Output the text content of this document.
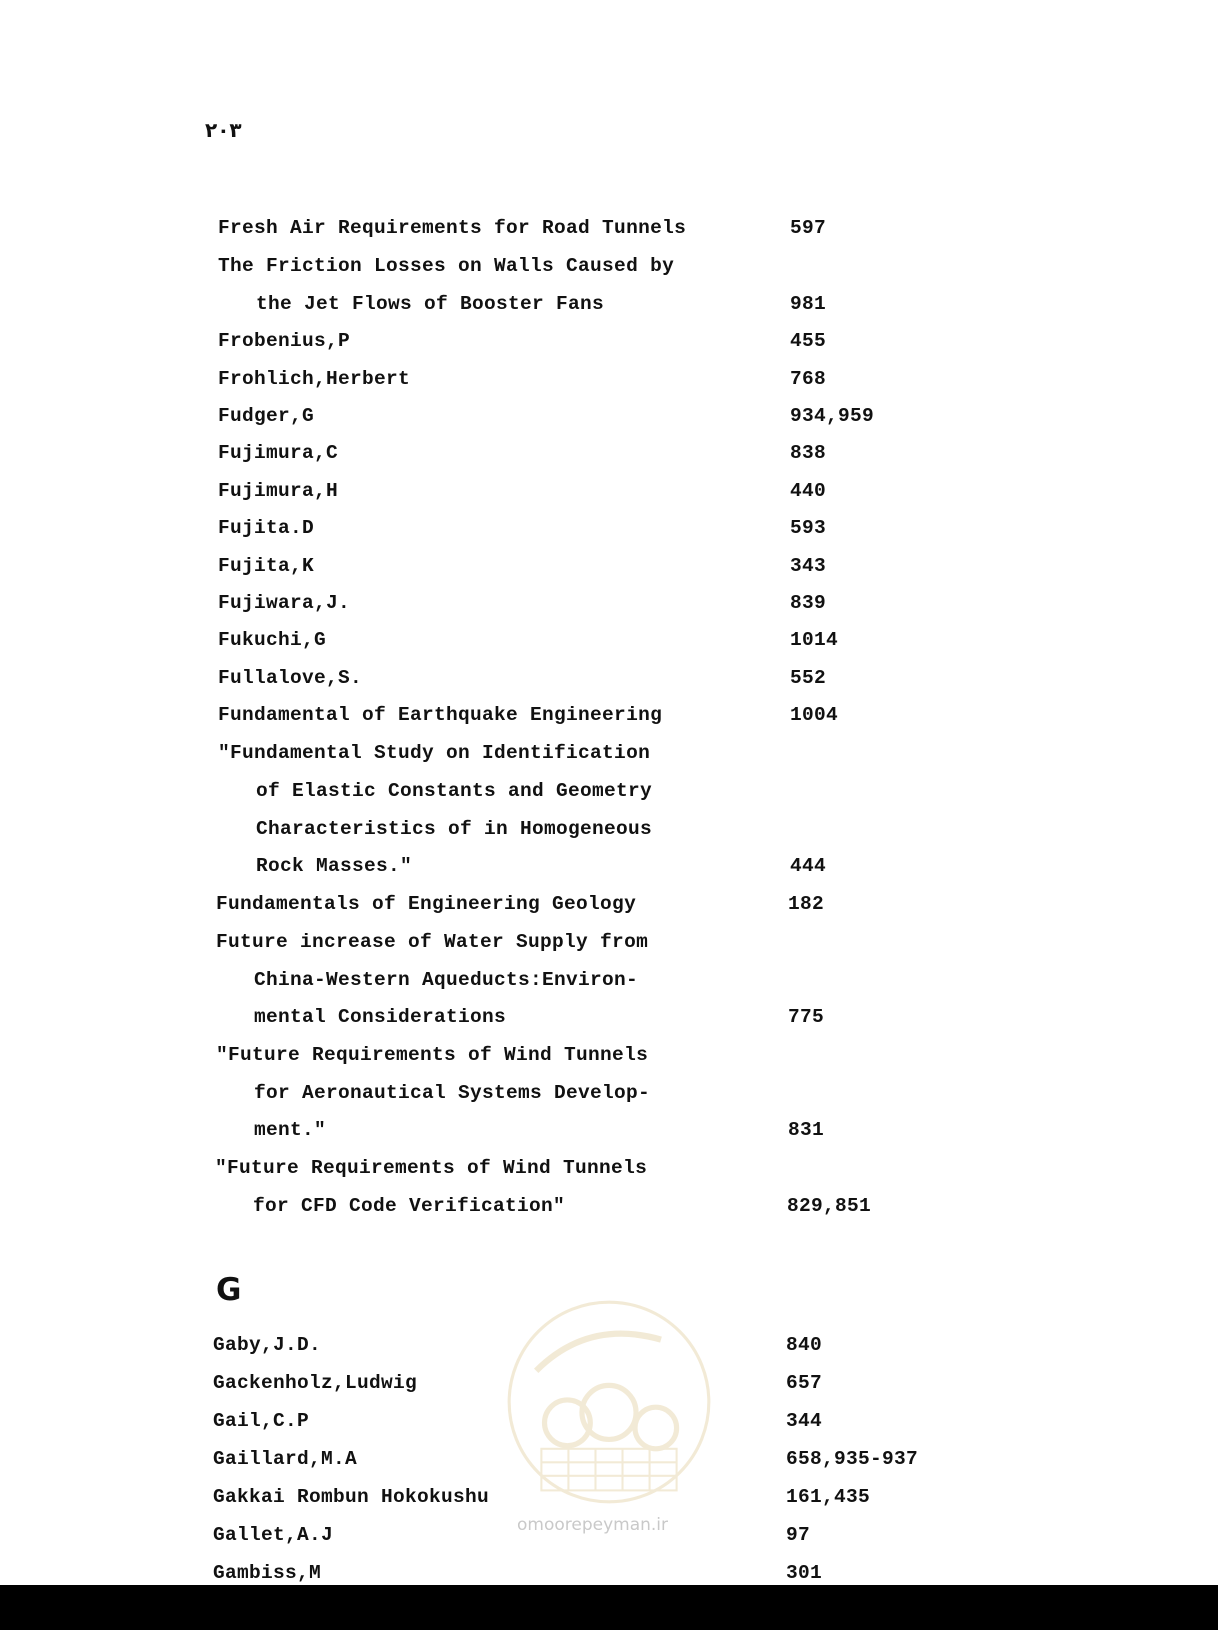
۲۰۳
Fresh Air Requirements for Road Tunnels	597
The Friction Losses on Walls Caused by
the Jet Flows of Booster Fans	981
Frobenius,P	455
Frohlich,Herbert	768
Fudger,G	934,959
Fujimura,C	838
Fujimura,H	440
Fujita.D	593
Fujita,K	343
Fujiwara,J.	839
Fukuchi,G	1014
Fullalove,S.	552
Fundamental of Earthquake Engineering	1004
"Fundamental Study on Identification
of Elastic Constants and Geometry
Characteristics of in Homogeneous
Rock Masses."	444
Fundamentals of Engineering Geology	182
Future increase of Water Supply from
China-Western Aqueducts:Environ-
mental Considerations	775
"Future Requirements of Wind Tunnels
for Aeronautical Systems Develop-
ment."	831
"Future Requirements of Wind Tunnels
for CFD Code Verification"	829,851
Gaby,J.D.	840
Gackenholz,Ludwig	657
Gail,C.P	344
Gaillard,M.A	658,935-937
Gakkai Rombun Hokokushu	161,435
Gallet,A.J	97
Gambiss,M	301
G
omoorepeyman.ir
